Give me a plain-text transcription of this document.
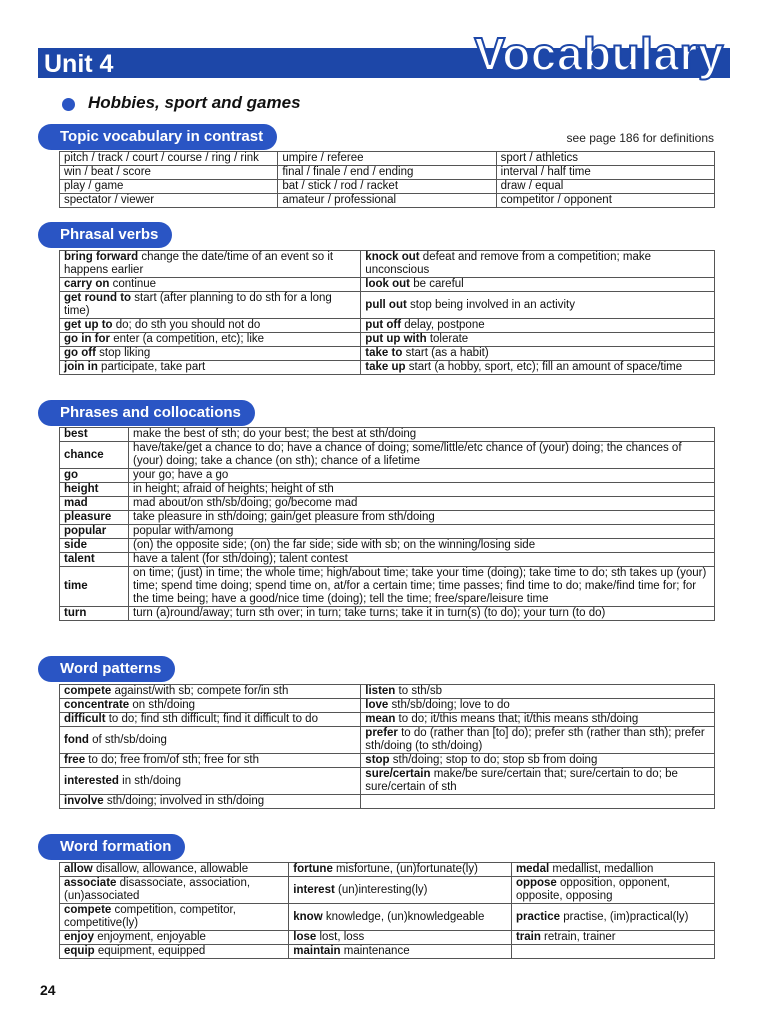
Unit 4	Vocabulary
Hobbies, sport and games
Topic vocabulary in contrast	see page 186 for definitions
pitch / track / court / course / ring / rink	umpire / referee	sport / athletics
win / beat / score	final / finale / end / ending	interval / half time
play / game	bat / stick / rod / racket	draw / equal
spectator / viewer	amateur / professional	competitor / opponent
Phrasal verbs
bring forward change the date/time of an event so it happens earlier	knock out defeat and remove from a competition; make unconscious
carry on continue	look out be careful
get round to start (after planning to do sth for a long time)	pull out stop being involved in an activity
get up to do; do sth you should not do	put off delay, postpone
go in for enter (a competition, etc); like	put up with tolerate
go off stop liking	take to start (as a habit)
join in participate, take part	take up start (a hobby, sport, etc); fill an amount of space/time
Phrases and collocations
best	make the best of sth; do your best; the best at sth/doing
chance	have/take/get a chance to do; have a chance of doing; some/little/etc chance of (your) doing; the chances of (your) doing; take a chance (on sth); chance of a lifetime
go	your go; have a go
height	in height; afraid of heights; height of sth
mad	mad about/on sth/sb/doing; go/become mad
pleasure	take pleasure in sth/doing; gain/get pleasure from sth/doing
popular	popular with/among
side	(on) the opposite side; (on) the far side; side with sb; on the winning/losing side
talent	have a talent (for sth/doing); talent contest
time	on time; (just) in time; the whole time; high/about time; take your time (doing); take time to do; sth takes up (your) time; spend time doing; spend time on, at/for a certain time; time passes; find time to do; make/find time for; for the time being; have a good/nice time (doing); tell the time; free/spare/leisure time
turn	turn (a)round/away; turn sth over; in turn; take turns; take it in turn(s) (to do); your turn (to do)
Word patterns
compete against/with sb; compete for/in sth	listen to sth/sb
concentrate on sth/doing	love sth/sb/doing; love to do
difficult to do; find sth difficult; find it difficult to do	mean to do; it/this means that; it/this means sth/doing
fond of sth/sb/doing	prefer to do (rather than [to] do); prefer sth (rather than sth); prefer sth/doing (to sth/doing)
free to do; free from/of sth; free for sth	stop sth/doing; stop to do; stop sb from doing
interested in sth/doing	sure/certain make/be sure/certain that; sure/certain to do; be sure/certain of sth
involve sth/doing; involved in sth/doing	
Word formation
allow disallow, allowance, allowable	fortune misfortune, (un)fortunate(ly)	medal medallist, medallion
associate disassociate, association, (un)associated	interest (un)interesting(ly)	oppose opposition, opponent, opposite, opposing
compete competition, competitor, competitive(ly)	know knowledge, (un)knowledgeable	practice practise, (im)practical(ly)
enjoy enjoyment, enjoyable	lose lost, loss	train retrain, trainer
equip equipment, equipped	maintain maintenance	
24
